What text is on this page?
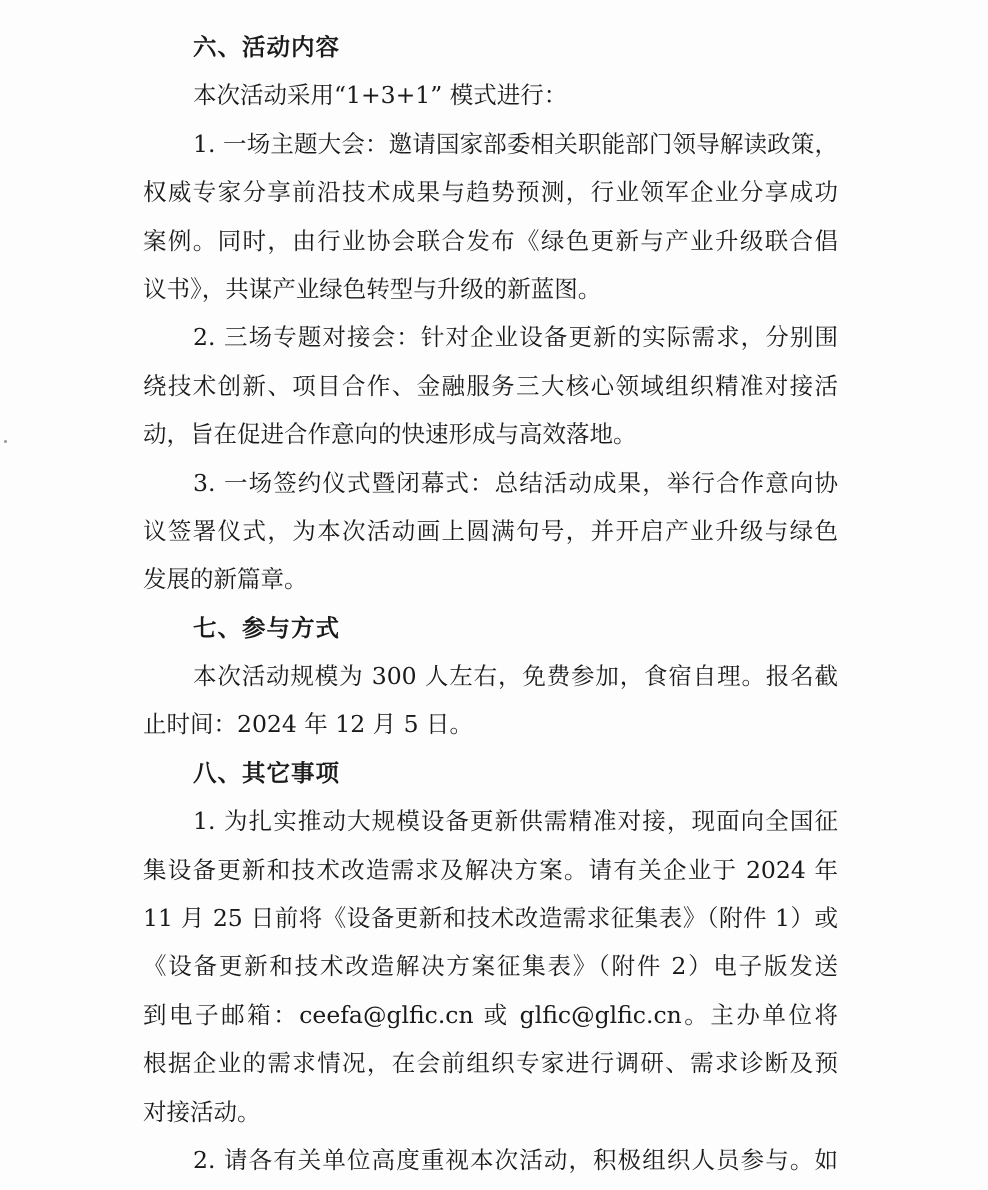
六、活动内容
本次活动采用“1+3+1” 模式进行：
1. 一场主题大会：邀请国家部委相关职能部门领导解读政策，
权威专家分享前沿技术成果与趋势预测，行业领军企业分享成功
案例。同时，由行业协会联合发布《绿色更新与产业升级联合倡
议书》，共谋产业绿色转型与升级的新蓝图。
2. 三场专题对接会：针对企业设备更新的实际需求，分别围
绕技术创新、项目合作、金融服务三大核心领域组织精准对接活
动，旨在促进合作意向的快速形成与高效落地。
3. 一场签约仪式暨闭幕式：总结活动成果，举行合作意向协
议签署仪式，为本次活动画上圆满句号，并开启产业升级与绿色
发展的新篇章。
七、参与方式
本次活动规模为 300 人左右，免费参加，食宿自理。报名截
止时间：2024 年 12 月 5 日。
八、其它事项
1. 为扎实推动大规模设备更新供需精准对接，现面向全国征
集设备更新和技术改造需求及解决方案。请有关企业于 2024 年
11 月 25 日前将《设备更新和技术改造需求征集表》（附件 1）或
《设备更新和技术改造解决方案征集表》（附件 2）电子版发送
到电子邮箱：ceefa@glfic.cn 或 glfic@glfic.cn。主办单位将
根据企业的需求情况，在会前组织专家进行调研、需求诊断及预
对接活动。
2. 请各有关单位高度重视本次活动，积极组织人员参与。如
